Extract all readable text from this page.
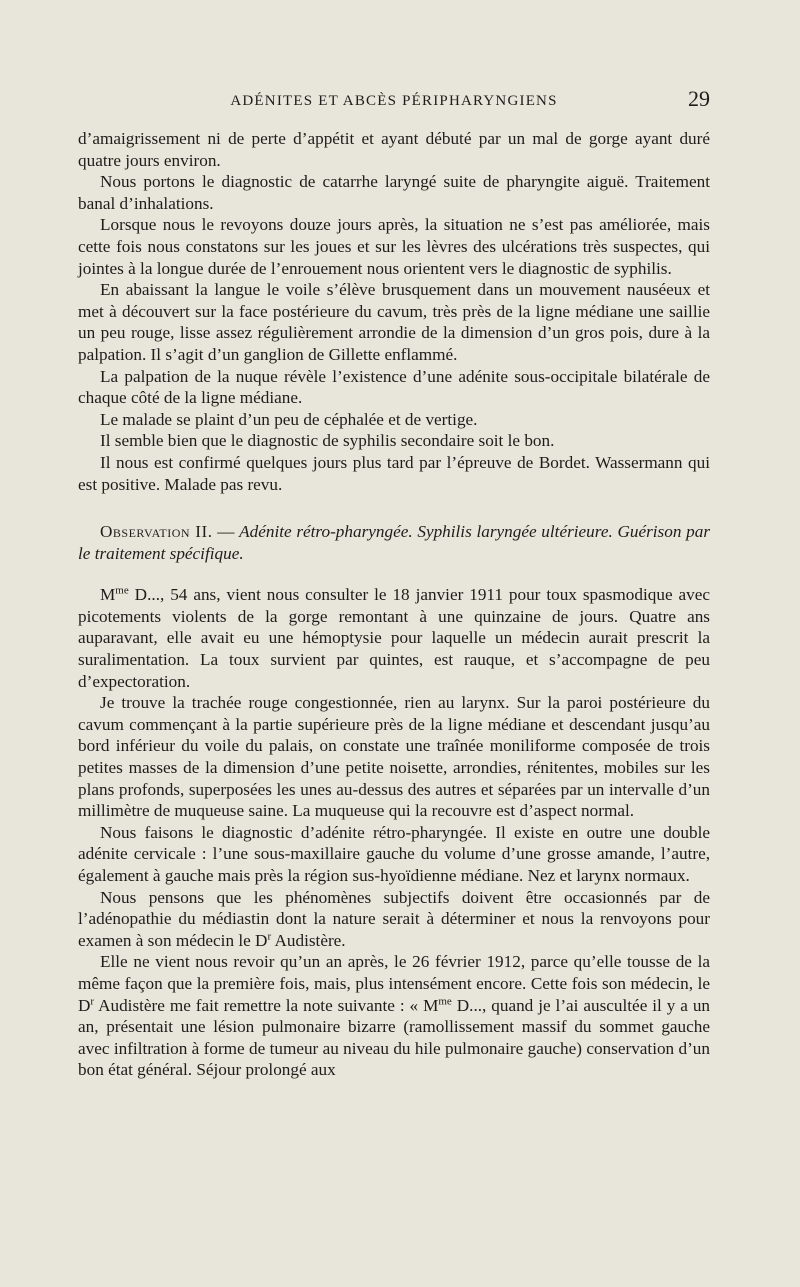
ADÉNITES ET ABCÈS PÉRIPHARYNGIENS	29

d’amaigrissement ni de perte d’appétit et ayant débuté par un mal de gorge ayant duré quatre jours environ.

Nous portons le diagnostic de catarrhe laryngé suite de pharyngite aiguë. Traitement banal d’inhalations.

Lorsque nous le revoyons douze jours après, la situation ne s’est pas améliorée, mais cette fois nous constatons sur les joues et sur les lèvres des ulcérations très suspectes, qui jointes à la longue durée de l’enrouement nous orientent vers le diagnostic de syphilis.

En abaissant la langue le voile s’élève brusquement dans un mouvement nauséeux et met à découvert sur la face postérieure du cavum, très près de la ligne médiane une saillie un peu rouge, lisse assez régulièrement arrondie de la dimension d’un gros pois, dure à la palpation. Il s’agit d’un ganglion de Gillette enflammé.

La palpation de la nuque révèle l’existence d’une adénite sous-occipitale bilatérale de chaque côté de la ligne médiane.

Le malade se plaint d’un peu de céphalée et de vertige.

Il semble bien que le diagnostic de syphilis secondaire soit le bon.

Il nous est confirmé quelques jours plus tard par l’épreuve de Bordet. Wassermann qui est positive. Malade pas revu.

Observation II. — Adénite rétro-pharyngée. Syphilis laryngée ultérieure. Guérison par le traitement spécifique.

$M^{me}$ D..., 54 ans, vient nous consulter le 18 janvier 1911 pour toux spasmodique avec picotements violents de la gorge remontant à une quinzaine de jours. Quatre ans auparavant, elle avait eu une hémoptysie pour laquelle un médecin aurait prescrit la suralimentation. La toux survient par quintes, est rauque, et s’accompagne de peu d’expectoration.

Je trouve la trachée rouge congestionnée, rien au larynx. Sur la paroi postérieure du cavum commençant à la partie supérieure près de la ligne médiane et descendant jusqu’au bord inférieur du voile du palais, on constate une traînée moniliforme composée de trois petites masses de la dimension d’une petite noisette, arrondies, rénitentes, mobiles sur les plans profonds, superposées les unes au-dessus des autres et séparées par un intervalle d’un millimètre de muqueuse saine. La muqueuse qui la recouvre est d’aspect normal.

Nous faisons le diagnostic d’adénite rétro-pharyngée. Il existe en outre une double adénite cervicale : l’une sous-maxillaire gauche du volume d’une grosse amande, l’autre, également à gauche mais près la région sus-hyoïdienne médiane. Nez et larynx normaux.

Nous pensons que les phénomènes subjectifs doivent être occasionnés par de l’adénopathie du médiastin dont la nature serait à déterminer et nous la renvoyons pour examen à son médecin le $D^r$ Audistère.

Elle ne vient nous revoir qu’un an après, le 26 février 1912, parce qu’elle tousse de la même façon que la première fois, mais, plus intensément encore. Cette fois son médecin, le $D^r$ Audistère me fait remettre la note suivante : « $M^{me}$ D..., quand je l’ai auscultée il y a un an, présentait une lésion pulmonaire bizarre (ramollissement massif du sommet gauche avec infiltration à forme de tumeur au niveau du hile pulmonaire gauche) conservation d’un bon état général. Séjour prolongé aux
